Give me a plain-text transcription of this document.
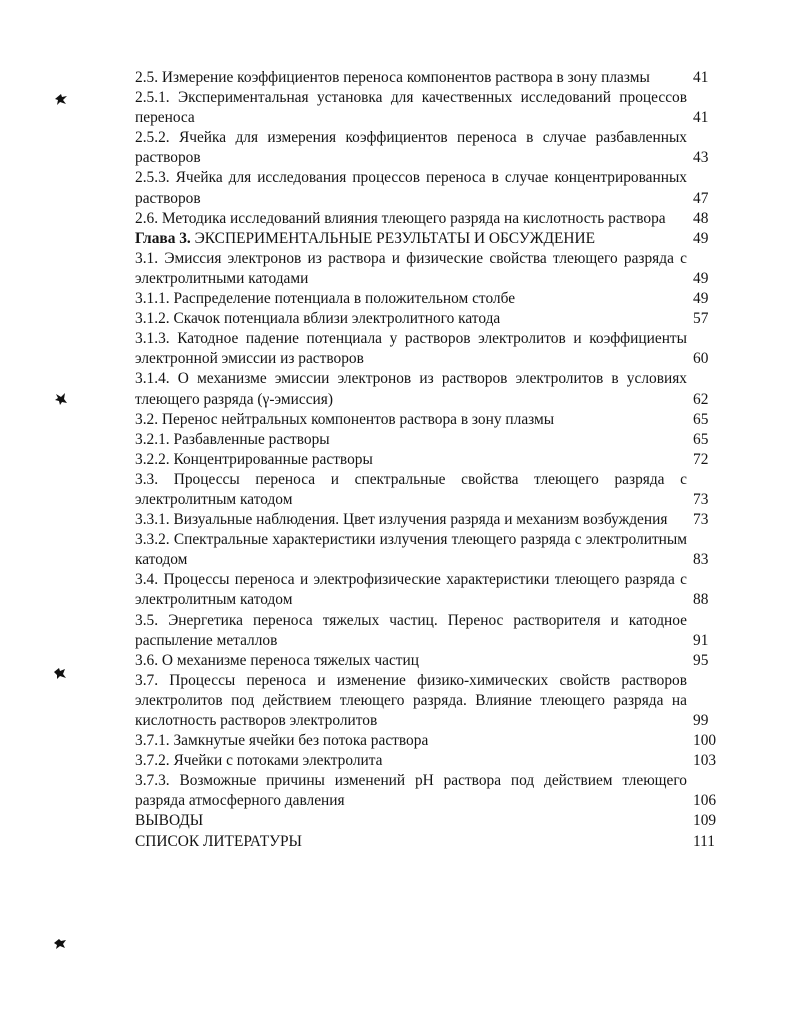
2.5. Измерение коэффициентов переноса компонентов раствора в зону плазмы	41
2.5.1. Экспериментальная установка для качественных исследований процессов переноса	41
2.5.2. Ячейка для измерения коэффициентов переноса в случае разбавленных растворов	43
2.5.3. Ячейка для исследования процессов переноса в случае концентрированных растворов	47
2.6. Методика исследований влияния тлеющего разряда на кислотность раствора	48
Глава 3. ЭКСПЕРИМЕНТАЛЬНЫЕ РЕЗУЛЬТАТЫ И ОБСУЖДЕНИЕ	49
3.1. Эмиссия электронов из раствора и физические свойства тлеющего разряда с электролитными катодами	49
3.1.1. Распределение потенциала в положительном столбе	49
3.1.2. Скачок потенциала вблизи электролитного катода	57
3.1.3. Катодное падение потенциала у растворов электролитов и коэффициенты электронной эмиссии из растворов	60
3.1.4. О механизме эмиссии электронов из растворов электролитов в условиях тлеющего разряда (γ-эмиссия)	62
3.2. Перенос нейтральных компонентов раствора в зону плазмы	65
3.2.1. Разбавленные растворы	65
3.2.2. Концентрированные растворы	72
3.3. Процессы переноса и спектральные свойства тлеющего разряда с электролитным катодом	73
3.3.1. Визуальные наблюдения. Цвет излучения разряда и механизм возбуждения	73
3.3.2. Спектральные характеристики излучения тлеющего разряда с электролитным катодом	83
3.4. Процессы переноса и электрофизические характеристики тлеющего разряда с электролитным катодом	88
3.5. Энергетика переноса тяжелых частиц. Перенос растворителя и катодное распыление металлов	91
3.6. О механизме переноса тяжелых частиц	95
3.7. Процессы переноса и изменение физико-химических свойств растворов электролитов под действием тлеющего разряда. Влияние тлеющего разряда на кислотность растворов электролитов	99
3.7.1. Замкнутые ячейки без потока раствора	100
3.7.2. Ячейки с потоками электролита	103
3.7.3. Возможные причины изменений pH раствора под действием тлеющего разряда атмосферного давления	106
ВЫВОДЫ	109
СПИСОК ЛИТЕРАТУРЫ	111
